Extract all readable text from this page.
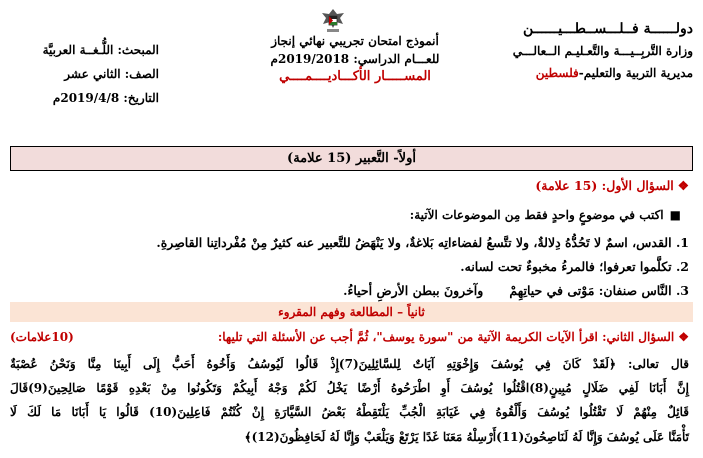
دولــــــة فــلـــســطـــيــــــن
وزارة التَّربِــيـــة والتَّعـليـم الــعالـــي
مديرية التربية والتعليم-فلسطين
أنموذج امتحان تجريبي نهائي إنجاز
للعـــام الدراسي: 2019/2018م
المســـــار الأكـــاديــــمــــي
المبحث: اللُّـغــة العربيَّة
الصف: الثاني عشر
التاريخ: 2019/4/8م
أولاً- التَّعبير (15 علامة)
❖السؤال الأول: (15 علامة)
■اكتب في موضوعٍ واحدٍ فقط مِن الموضوعات الآتية:
1. القدس، اسمٌ لا تَحُدُّهُ دِلالةٌ، ولا تتَّسعُ لفضاءاتِه بَلاغةٌ، ولا يَنْهَضُ للتَّعبير عنه كثيرٌ مِنْ مُفْرداتِنا القاصِرةِ.
2. تكلَّموا تعرفوا؛ فالمرءُ مخبوءٌ تحت لسانه.
3. النَّاس صنفان: مَوْتى في حياتِهِمْ      وآخرونَ ببطن الأرضِ أحياءُ.
ثانياً – المطالعة وفهم المقروء
❖السؤال الثاني: اقرأ الآيات الكريمة الآتية من "سورة يوسف"، ثُمَّ أجب عن الأسئلة التي تليها:
(10علامات)
قال تعالى: ﴿لَقَدْ كَانَ فِي يُوسُفَ وَإِخْوَتِهِ آيَاتٌ لِلسَّائِلِينَ(7)إِذْ قَالُوا لَيُوسُفُ وَأَخُوهُ أَحَبُّ إِلَى أَبِينَا مِنَّا وَنَحْنُ عُصْبَةٌ
إِنَّ أَبَانَا لَفِي ضَلَالٍ مُبِينٍ(8)اقْتُلُوا يُوسُفَ أَوِ اطْرَحُوهُ أَرْضًا يَخْلُ لَكُمْ وَجْهُ أَبِيكُمْ وَتَكُونُوا مِنْ بَعْدِهِ قَوْمًا صَالِحِينَ(9)قَالَ
قَائِلٌ مِنْهُمْ لَا تَقْتُلُوا يُوسُفَ وَأَلْقُوهُ فِي غَيَابَةِ الْجُبِّ يَلْتَقِطْهُ بَعْضُ السَّيَّارَةِ إِنْ كُنْتُمْ فَاعِلِينَ(10) قَالُوا يَا أَبَانَا مَا لَكَ لَا
تَأْمَنَّا عَلَى يُوسُفَ وَإِنَّا لَهُ لَنَاصِحُونَ(11)أَرْسِلْهُ مَعَنَا غَدًا يَرْتَعْ وَيَلْعَبْ وَإِنَّا لَهُ لَحَافِظُونَ(12)﴾
